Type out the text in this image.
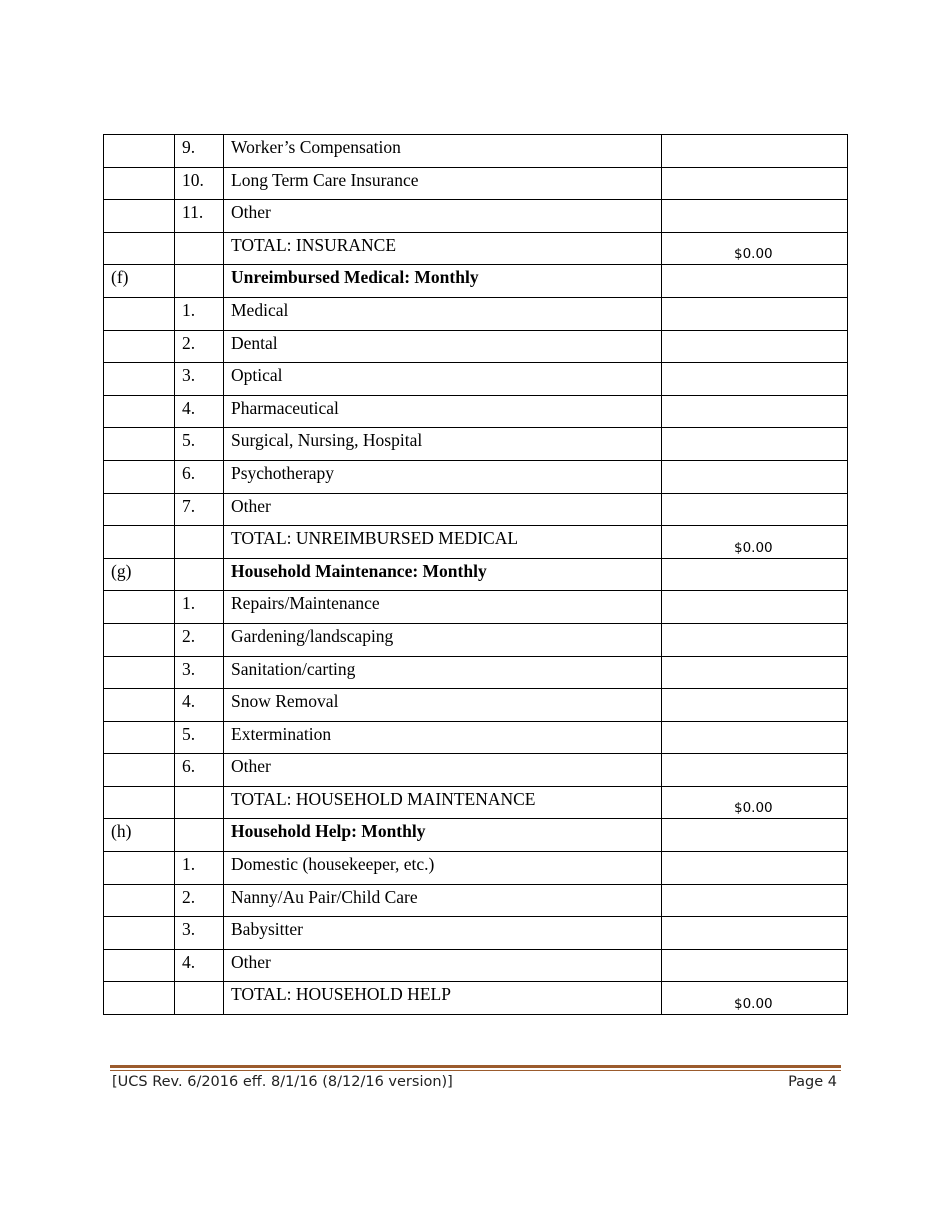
	9.	Worker’s Compensation	
	10.	Long Term Care Insurance	
	11.	Other	
		TOTAL: INSURANCE	$0.00
(f)		Unreimbursed Medical: Monthly	
	1.	Medical	
	2.	Dental	
	3.	Optical	
	4.	Pharmaceutical	
	5.	Surgical, Nursing, Hospital	
	6.	Psychotherapy	
	7.	Other	
		TOTAL: UNREIMBURSED MEDICAL	$0.00
(g)		Household Maintenance: Monthly	
	1.	Repairs/Maintenance	
	2.	Gardening/landscaping	
	3.	Sanitation/carting	
	4.	Snow Removal	
	5.	Extermination	
	6.	Other	
		TOTAL: HOUSEHOLD MAINTENANCE	$0.00
(h)		Household Help: Monthly	
	1.	Domestic (housekeeper, etc.)	
	2.	Nanny/Au Pair/Child Care	
	3.	Babysitter	
	4.	Other	
		TOTAL: HOUSEHOLD HELP	$0.00
[UCS Rev. 6/2016 eff. 8/1/16 (8/12/16 version)]	Page 4
